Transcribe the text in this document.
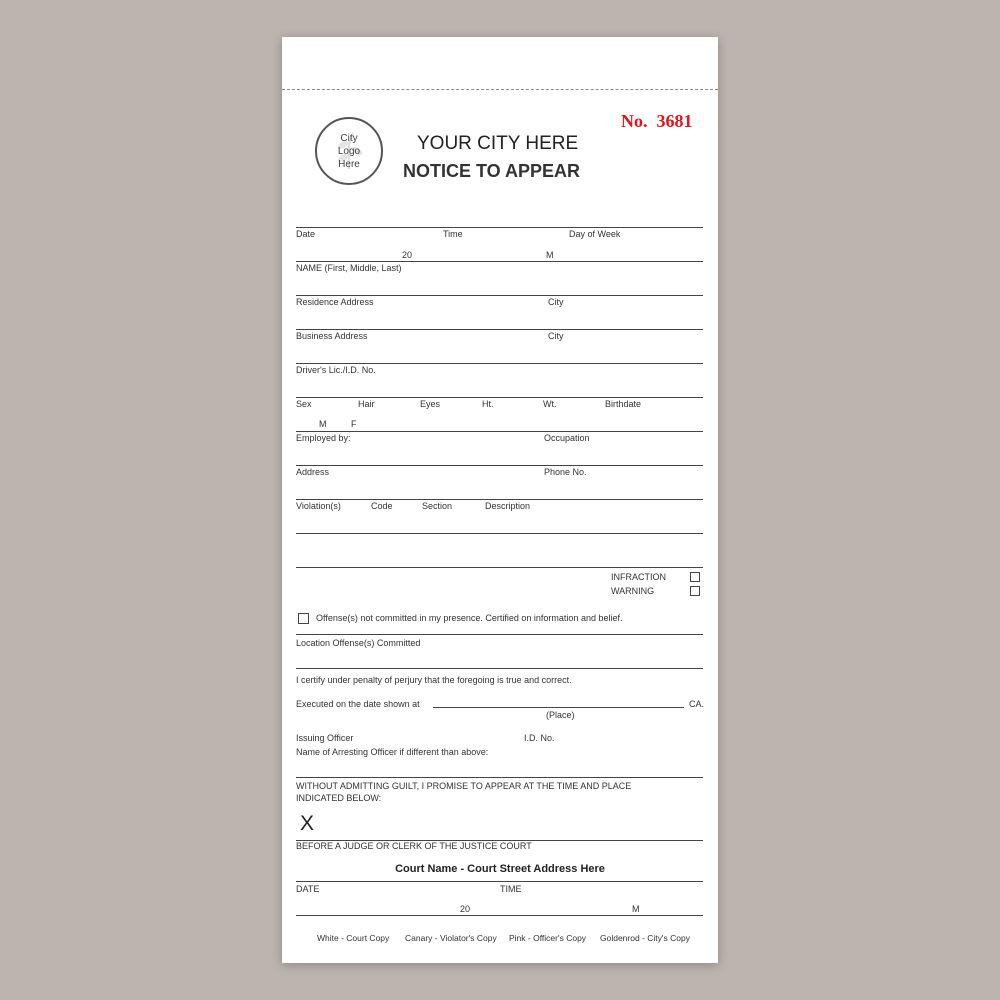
City
Logo
Here
YOUR CITY HERE
NOTICE TO APPEAR
No. 3681
Date	Time	Day of Week
20	M
NAME (First, Middle, Last)
Residence Address	City
Business Address	City
Driver's Lic./I.D. No.
Sex	Hair	Eyes	Ht.	Wt.	Birthdate
M	F
Employed by:	Occupation
Address	Phone No.
Violation(s)	Code	Section	Description
INFRACTION
WARNING
Offense(s) not committed in my presence. Certified on information and belief.
Location Offense(s) Committed
I certify under penalty of perjury that the foregoing is true and correct.
Executed on the date shown at	CA.
(Place)
Issuing Officer	I.D. No.
Name of Arresting Officer if different than above:
WITHOUT ADMITTING GUILT, I PROMISE TO APPEAR AT THE TIME AND PLACE
INDICATED BELOW:
X
BEFORE A JUDGE OR CLERK OF THE JUSTICE COURT
Court Name - Court Street Address Here
DATE	TIME
20	M
White - Court Copy Canary - Violator's Copy Pink - Officer's Copy Goldenrod - City's Copy
